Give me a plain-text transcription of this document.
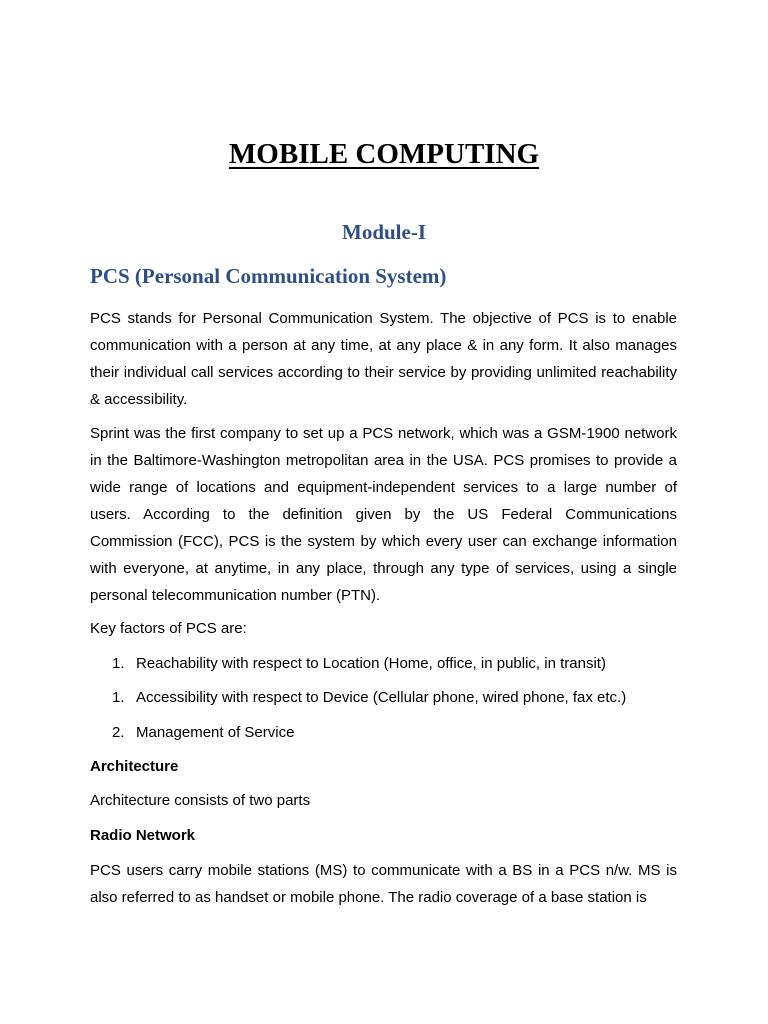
MOBILE COMPUTING
Module-I
PCS (Personal Communication System)

PCS stands for Personal Communication System. The objective of PCS is to enable
communication with a person at any time, at any place & in any form. It also manages
their individual call services according to their service by providing unlimited reachability
& accessibility.

Sprint was the first company to set up a PCS network, which was a GSM-1900 network
in the Baltimore-Washington metropolitan area in the USA. PCS promises to provide a
wide range of locations and equipment-independent services to a large number of
users. According to the definition given by the US Federal Communications
Commission (FCC), PCS is the system by which every user can exchange information
with everyone, at anytime, in any place, through any type of services, using a single
personal telecommunication number (PTN).

Key factors of PCS are:

1. Reachability with respect to Location (Home, office, in public, in transit)
1. Accessibility with respect to Device (Cellular phone, wired phone, fax etc.)
2. Management of Service

Architecture

Architecture consists of two parts

Radio Network

PCS users carry mobile stations (MS) to communicate with a BS in a PCS n/w. MS is
also referred to as handset or mobile phone. The radio coverage of a base station is
